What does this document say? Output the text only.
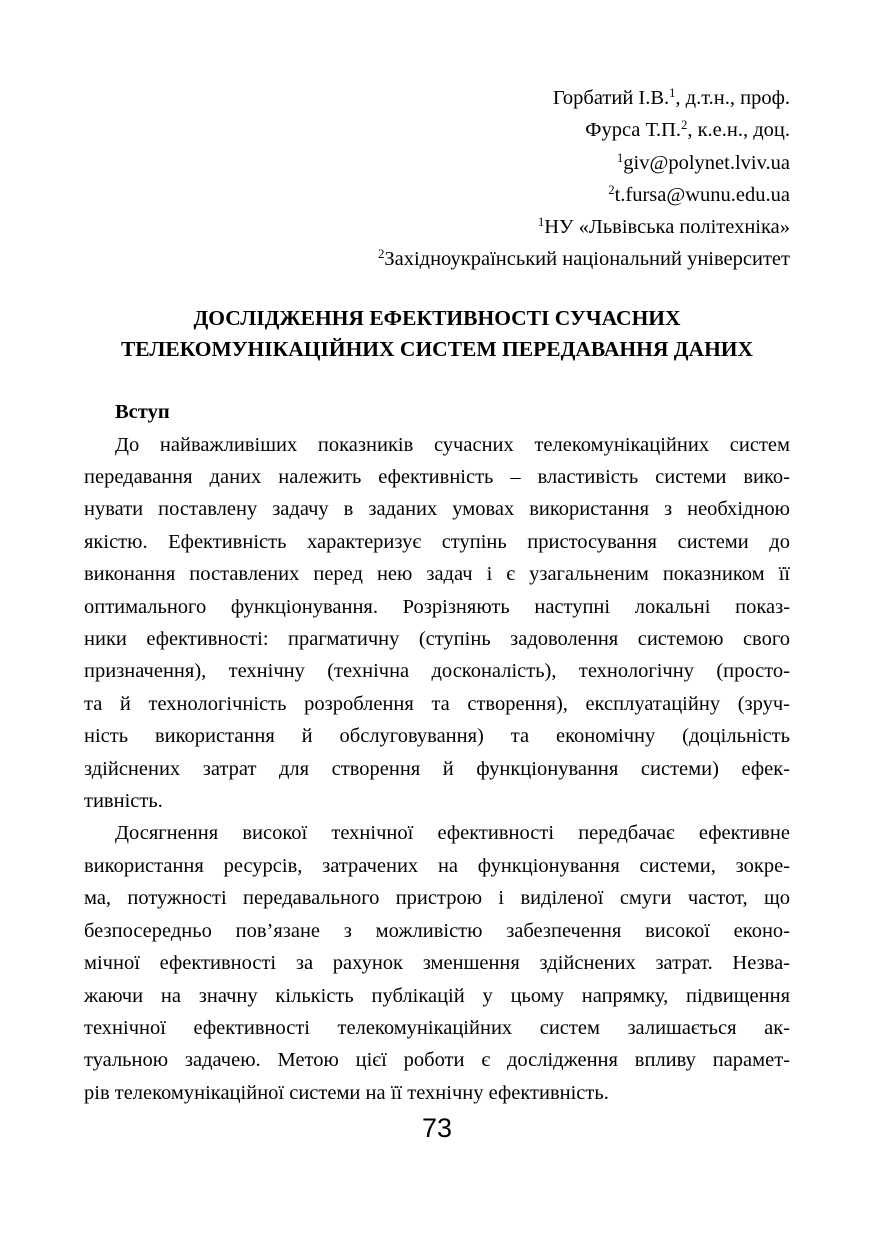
Горбатий І.В.1, д.т.н., проф.
Фурса Т.П.2, к.е.н., доц.
1giv@polynet.lviv.ua
2t.fursa@wunu.edu.ua
1НУ «Львівська політехніка»
2Західноукраїнський національний університет
ДОСЛІДЖЕННЯ ЕФЕКТИВНОСТІ СУЧАСНИХ
ТЕЛЕКОМУНІКАЦІЙНИХ СИСТЕМ ПЕРЕДАВАННЯ ДАНИХ
Вступ
До найважливіших показників сучасних телекомунікаційних систем
передавання даних належить ефективність – властивість системи вико-
нувати поставлену задачу в заданих умовах використання з необхідною
якістю. Ефективність характеризує ступінь пристосування системи до
виконання поставлених перед нею задач і є узагальненим показником її
оптимального функціонування. Розрізняють наступні локальні показ-
ники ефективності: прагматичну (ступінь задоволення системою свого
призначення), технічну (технічна досконалість), технологічну (просто-
та й технологічність розроблення та створення), експлуатаційну (зруч-
ність використання й обслуговування) та економічну (доцільність
здійснених затрат для створення й функціонування системи) ефек-
тивність.
Досягнення високої технічної ефективності передбачає ефективне
використання ресурсів, затрачених на функціонування системи, зокре-
ма, потужності передавального пристрою і виділеної смуги частот, що
безпосередньо пов’язане з можливістю забезпечення високої еконо-
мічної ефективності за рахунок зменшення здійснених затрат. Незва-
жаючи на значну кількість публікацій у цьому напрямку, підвищення
технічної ефективності телекомунікаційних систем залишається ак-
туальною задачею. Метою цієї роботи є дослідження впливу парамет-
рів телекомунікаційної системи на її технічну ефективність.
73
